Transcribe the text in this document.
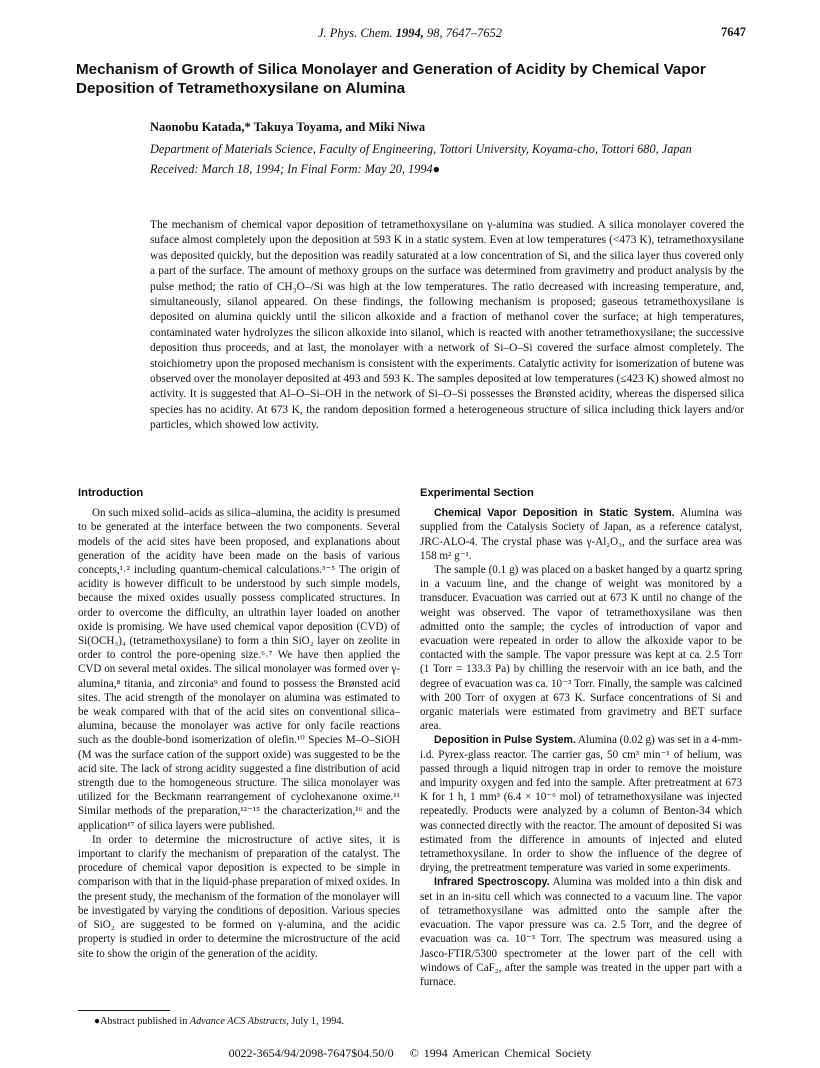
J. Phys. Chem. 1994, 98, 7647–7652	7647
Mechanism of Growth of Silica Monolayer and Generation of Acidity by Chemical Vapor Deposition of Tetramethoxysilane on Alumina
Naonobu Katada,* Takuya Toyama, and Miki Niwa
Department of Materials Science, Faculty of Engineering, Tottori University, Koyama-cho, Tottori 680, Japan
Received: March 18, 1994; In Final Form: May 20, 1994●

The mechanism of chemical vapor deposition of tetramethoxysilane on γ-alumina was studied. A silica monolayer covered the suface almost completely upon the deposition at 593 K in a static system. Even at low temperatures (<473 K), tetramethoxysilane was deposited quickly, but the deposition was readily saturated at a low concentration of Si, and the silica layer thus covered only a part of the surface. The amount of methoxy groups on the surface was determined from gravimetry and product analysis by the pulse method; the ratio of CH₃O–/Si was high at the low temperatures. The ratio decreased with increasing temperature, and, simultaneously, silanol appeared. On these findings, the following mechanism is proposed; gaseous tetramethoxysilane is deposited on alumina quickly until the silicon alkoxide and a fraction of methanol cover the surface; at high temperatures, contaminated water hydrolyzes the silicon alkoxide into silanol, which is reacted with another tetramethoxysilane; the successive deposition thus proceeds, and at last, the monolayer with a network of Si–O–Si covered the surface almost completely. The stoichiometry upon the proposed mechanism is consistent with the experiments. Catalytic activity for isomerization of butene was observed over the monolayer deposited at 493 and 593 K. The samples deposited at low temperatures (≤423 K) showed almost no activity. It is suggested that Al–O–Si–OH in the network of Si–O–Si possesses the Brønsted acidity, whereas the dispersed silica species has no acidity. At 673 K, the random deposition formed a heterogeneous structure of silica including thick layers and/or particles, which showed low activity.

Introduction

On such mixed solid–acids as silica–alumina, the acidity is presumed to be generated at the interface between the two components. Several models of the acid sites have been proposed, and explanations about generation of the acidity have been made on the basis of various concepts,¹˒² including quantum-chemical calculations.³⁻⁵ The origin of acidity is however difficult to be understood by such simple models, because the mixed oxides usually possess complicated structures. In order to overcome the difficulty, an ultrathin layer loaded on another oxide is promising. We have used chemical vapor deposition (CVD) of Si(OCH₃)₄ (tetramethoxysilane) to form a thin SiO₂ layer on zeolite in order to control the pore-opening size.⁶˒⁷ We have then applied the CVD on several metal oxides. The silical monolayer was formed over γ-alumina,⁸ titania, and zirconia⁹ and found to possess the Brønsted acid sites. The acid strength of the monolayer on alumina was estimated to be weak compared with that of the acid sites on conventional silica–alumina, because the monolayer was active for only facile reactions such as the double-bond isomerization of olefin.¹⁰ Species M–O–SiOH (M was the surface cation of the support oxide) was suggested to be the acid site. The lack of strong acidity suggested a fine distribution of acid strength due to the homogeneous structure. The silica monolayer was utilized for the Beckmann rearrangement of cyclohexanone oxime.¹¹ Similar methods of the preparation,¹²⁻¹⁵ the characterization,¹⁶ and the application¹⁷ of silica layers were published.

In order to determine the microstructure of active sites, it is important to clarify the mechanism of preparation of the catalyst. The procedure of chemical vapor deposition is expected to be simple in comparison with that in the liquid-phase preparation of mixed oxides. In the present study, the mechanism of the formation of the monolayer will be investigated by varying the conditions of deposition. Various species of SiO₂ are suggested to be formed on γ-alumina, and the acidic property is studied in order to determine the microstructure of the acid site to show the origin of the generation of the acidity.

Experimental Section

Chemical Vapor Deposition in Static System. Alumina was supplied from the Catalysis Society of Japan, as a reference catalyst, JRC-ALO-4. The crystal phase was γ-Al₂O₃, and the surface area was 158 m² g⁻¹.

The sample (0.1 g) was placed on a basket hanged by a quartz spring in a vacuum line, and the change of weight was monitored by a transducer. Evacuation was carried out at 673 K until no change of the weight was observed. The vapor of tetramethoxysilane was then admitted onto the sample; the cycles of introduction of vapor and evacuation were repeated in order to allow the alkoxide vapor to be contacted with the sample. The vapor pressure was kept at ca. 2.5 Torr (1 Torr = 133.3 Pa) by chilling the reservoir with an ice bath, and the degree of evacuation was ca. 10⁻³ Torr. Finally, the sample was calcined with 200 Torr of oxygen at 673 K. Surface concentrations of Si and organic materials were estimated from gravimetry and BET surface area.

Deposition in Pulse System. Alumina (0.02 g) was set in a 4-mm-i.d. Pyrex-glass reactor. The carrier gas, 50 cm³ min⁻¹ of helium, was passed through a liquid nitrogen trap in order to remove the moisture and impurity oxygen and fed into the sample. After pretreatment at 673 K for 1 h, 1 mm³ (6.4 × 10⁻⁶ mol) of tetramethoxysilane was injected repeatedly. Products were analyzed by a column of Benton-34 which was connected directly with the reactor. The amount of deposited Si was estimated from the difference in amounts of injected and eluted tetramethoxysilane. In order to show the influence of the degree of drying, the pretreatment temperature was varied in some experiments.

Infrared Spectroscopy. Alumina was molded into a thin disk and set in an in-situ cell which was connected to a vacuum line. The vapor of tetramethoxysilane was admitted onto the sample after the evacuation. The vapor pressure was ca. 2.5 Torr, and the degree of evacuation was ca. 10⁻³ Torr. The spectrum was measured using a Jasco-FTIR/5300 spectrometer at the lower part of the cell with windows of CaF₂, after the sample was treated in the upper part with a furnace.

●Abstract published in Advance ACS Abstracts, July 1, 1994.
0022-3654/94/2098-7647$04.50/0 © 1994 American Chemical Society
